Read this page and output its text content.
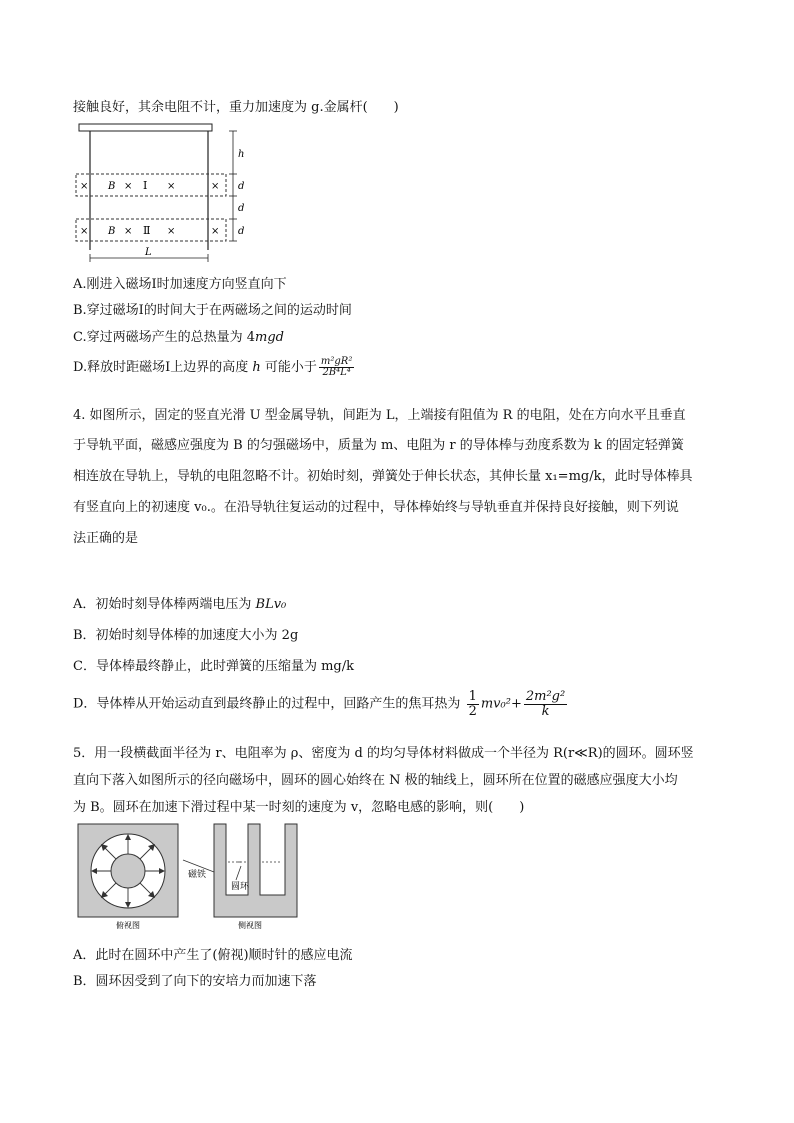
接触良好，其余电阻不计，重力加速度为 g.金属杆(　　)
× B × Ⅰ ×	×
× B × Ⅱ ×	×
h
d
d
d
L
A.刚进入磁场Ⅰ时加速度方向竖直向下
B.穿过磁场Ⅰ的时间大于在两磁场之间的运动时间
C.穿过两磁场产生的总热量为 4mgd
D.释放时距磁场Ⅰ上边界的高度 h 可能小于 $\frac{\text{m²gR²}}{\text{2B⁴L⁴}}$
4. 如图所示，固定的竖直光滑 U 型金属导轨，间距为 L，上端接有阻值为 R 的电阻，处在方向水平且垂直
于导轨平面，磁感应强度为 B 的匀强磁场中，质量为 m、电阻为 r 的导体棒与劲度系数为 k 的固定轻弹簧
相连放在导轨上，导轨的电阻忽略不计。初始时刻，弹簧处于伸长状态，其伸长量 x₁=mg/k，此时导体棒具
有竖直向上的初速度 v₀.。在沿导轨往复运动的过程中，导体棒始终与导轨垂直并保持良好接触，则下列说
法正确的是
A．初始时刻导体棒两端电压为 BLv₀
B．初始时刻导体棒的加速度大小为 2g
C．导体棒最终静止，此时弹簧的压缩量为 mg/k
D．导体棒从开始运动直到最终静止的过程中，回路产生的焦耳热为 $\frac{1}{2} mv_0^2+ \frac{\text{2m²g²}}{k}$
5．用一段横截面半径为 r、电阻率为 ρ、密度为 d 的均匀导体材料做成一个半径为 R(r≪R)的圆环。圆环竖
直向下落入如图所示的径向磁场中，圆环的圆心始终在 N 极的轴线上，圆环所在位置的磁感应强度大小均
为 B。圆环在加速下滑过程中某一时刻的速度为 v，忽略电感的影响，则(　　)
俯视图
磁铁
圆环
侧视图
A．此时在圆环中产生了(俯视)顺时针的感应电流
B．圆环因受到了向下的安培力而加速下落
